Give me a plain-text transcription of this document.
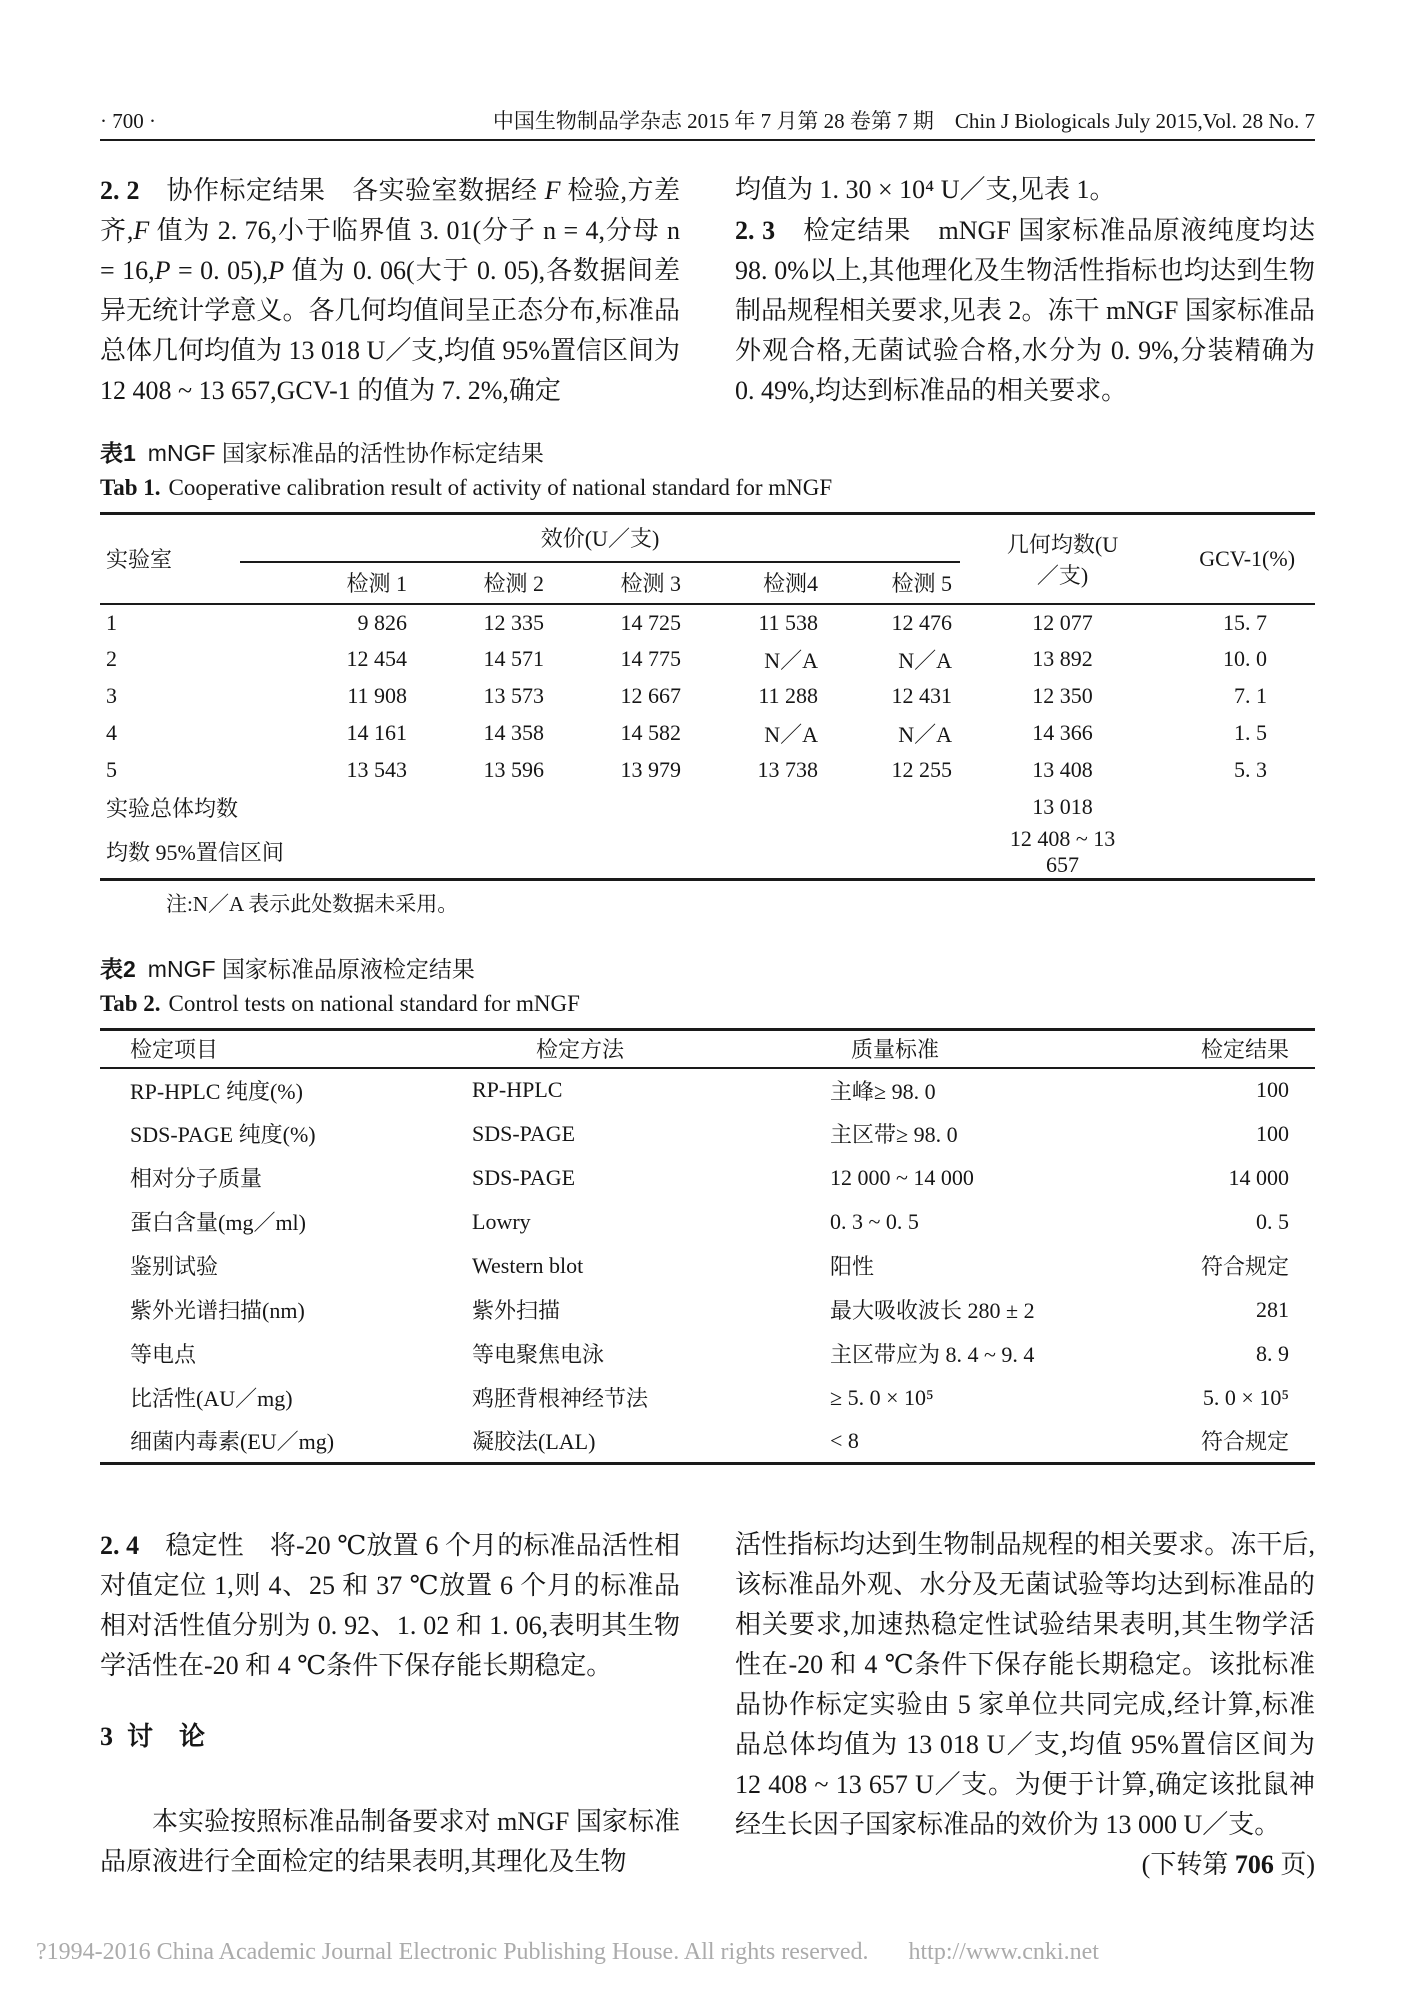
· 700 ·	中国生物制品学杂志 2015 年 7 月第 28 卷第 7 期　Chin J Biologicals July 2015,Vol. 28 No. 7

2. 2　 协作标定结果　各实验室数据经 F 检验,方差齐,F 值为 2. 76,小于临界值 3. 01(分子 n = 4,分母 n = 16,P = 0. 05),P 值为 0. 06(大于 0. 05),各数据间差异无统计学意义。各几何均值间呈正态分布,标准品总体几何均值为 13 018 U／支,均值 95%置信区间为 12 408 ~ 13 657,GCV-1 的值为 7. 2%,确定

均值为 1. 30 × 10⁴ U／支,见表 1。

2. 3　 检定结果　mNGF 国家标准品原液纯度均达 98. 0%以上,其他理化及生物活性指标也均达到生物制品规程相关要求,见表 2。冻干 mNGF 国家标准品外观合格,无菌试验合格,水分为 0. 9%,分装精确为 0. 49%,均达到标准品的相关要求。

表1 mNGF 国家标准品的活性协作标定结果
Tab 1. Cooperative calibration result of activity of national standard for mNGF
实验室	效价(U／支)					几何均数(U／支)	GCV-1(%)
	检测 1	检测 2	检测 3	检测4	检测 5		
1	9 826	12 335	14 725	11 538	12 476	12 077	15. 7
2	12 454	14 571	14 775	N／A	N／A	13 892	10. 0
3	11 908	13 573	12 667	11 288	12 431	12 350	7. 1
4	14 161	14 358	14 582	N／A	N／A	14 366	1. 5
5	13 543	13 596	13 979	13 738	12 255	13 408	5. 3
实验总体均数						13 018	
均数 95%置信区间						12 408 ~ 13 657	
注:N／A 表示此处数据未采用。
表2 mNGF 国家标准品原液检定结果
Tab 2. Control tests on national standard for mNGF
检定项目	检定方法	质量标准	检定结果
RP-HPLC 纯度(%)	RP-HPLC	主峰≥ 98. 0	100
SDS-PAGE 纯度(%)	SDS-PAGE	主区带≥ 98. 0	100
相对分子质量	SDS-PAGE	12 000 ~ 14 000	14 000
蛋白含量(mg／ml)	Lowry	0. 3 ~ 0. 5	0. 5
鉴别试验	Western blot	阳性	符合规定
紫外光谱扫描(nm)	紫外扫描	最大吸收波长 280 ± 2	281
等电点	等电聚焦电泳	主区带应为 8. 4 ~ 9. 4	8. 9
比活性(AU／mg)	鸡胚背根神经节法	≥ 5. 0 × 10⁵	5. 0 × 10⁵
细菌内毒素(EU／mg)	凝胶法(LAL)	< 8	符合规定

2. 4　 稳定性　将-20 ℃放置 6 个月的标准品活性相对值定位 1,则 4、25 和 37 ℃放置 6 个月的标准品相对活性值分别为 0. 92、1. 02 和 1. 06,表明其生物学活性在-20 和 4 ℃条件下保存能长期稳定。

3 讨　论

本实验按照标准品制备要求对 mNGF 国家标准品原液进行全面检定的结果表明,其理化及生物

活性指标均达到生物制品规程的相关要求。冻干后,该标准品外观、水分及无菌试验等均达到标准品的相关要求,加速热稳定性试验结果表明,其生物学活性在-20 和 4 ℃条件下保存能长期稳定。该批标准品协作标定实验由 5 家单位共同完成,经计算,标准品总体均值为 13 018 U／支,均值 95%置信区间为 12 408 ~ 13 657 U／支。为便于计算,确定该批鼠神经生长因子国家标准品的效价为 13 000 U／支。

(下转第 706 页)

?1994-2016 China Academic Journal Electronic Publishing House. All rights reserved. http://www.cnki.net
